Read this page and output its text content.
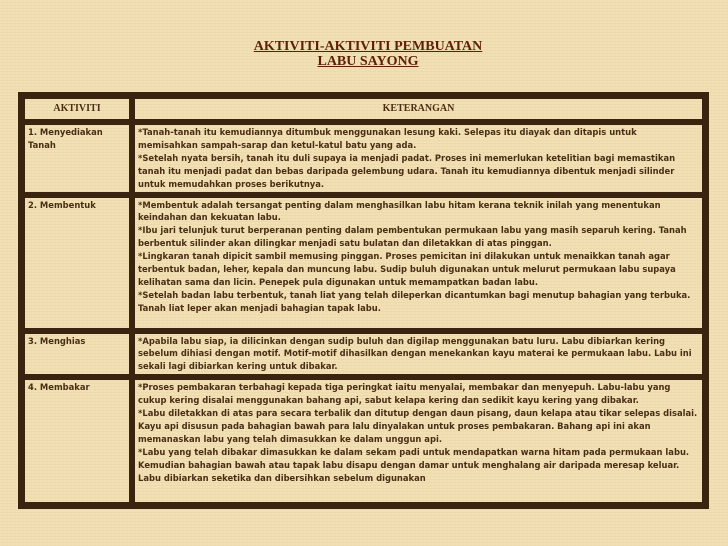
AKTIVITI-AKTIVITI PEMBUATAN
LABU SAYONG
AKTIVITI	KETERANGAN
1. Menyediakan Tanah	*Tanah-tanah itu kemudiannya ditumbuk menggunakan lesung kaki. Selepas itu diayak dan ditapis untuk memisahkan sampah-sarap dan ketul-katul batu yang ada.
*Setelah nyata bersih, tanah itu duli supaya ia menjadi padat. Proses ini memerlukan ketelitian bagi memastikan tanah itu menjadi padat dan bebas daripada gelembung udara. Tanah itu kemudiannya dibentuk menjadi silinder untuk memudahkan proses berikutnya.

2. Membentuk	*Membentuk adalah tersangat penting dalam menghasilkan labu hitam kerana teknik inilah yang menentukan keindahan dan kekuatan labu.
*Ibu jari telunjuk turut berperanan penting dalam pembentukan permukaan labu yang masih separuh kering. Tanah berbentuk silinder akan dilingkar menjadi satu bulatan dan diletakkan di atas pinggan.
*Lingkaran tanah dipicit sambil memusing pinggan. Proses pemicitan ini dilakukan untuk menaikkan tanah agar terbentuk badan, leher, kepala dan muncung labu. Sudip buluh digunakan untuk melurut permukaan labu supaya kelihatan sama dan licin. Penepek pula digunakan untuk memampatkan badan labu.
*Setelah badan labu terbentuk, tanah liat yang telah dileperkan dicantumkan bagi menutup bahagian yang terbuka. Tanah liat leper akan menjadi bahagian tapak labu.

3. Menghias	*Apabila labu siap, ia dilicinkan dengan sudip buluh dan digilap menggunakan batu luru. Labu dibiarkan kering sebelum dihiasi dengan motif. Motif-motif dihasilkan dengan menekankan kayu materai ke permukaan labu. Labu ini sekali lagi dibiarkan kering untuk dibakar.

4. Membakar	*Proses pembakaran terbahagi kepada tiga peringkat iaitu menyalai, membakar dan menyepuh. Labu-labu yang cukup kering disalai menggunakan bahang api, sabut kelapa kering dan sedikit kayu kering yang dibakar.
*Labu diletakkan di atas para secara terbalik dan ditutup dengan daun pisang, daun kelapa atau tikar selepas disalai. Kayu api disusun pada bahagian bawah para lalu dinyalakan untuk proses pembakaran. Bahang api ini akan memanaskan labu yang telah dimasukkan ke dalam unggun api.
*Labu yang telah dibakar dimasukkan ke dalam sekam padi untuk mendapatkan warna hitam pada permukaan labu. Kemudian bahagian bawah atau tapak labu disapu dengan damar untuk menghalang air daripada meresap keluar. Labu dibiarkan seketika dan dibersihkan sebelum digunakan
